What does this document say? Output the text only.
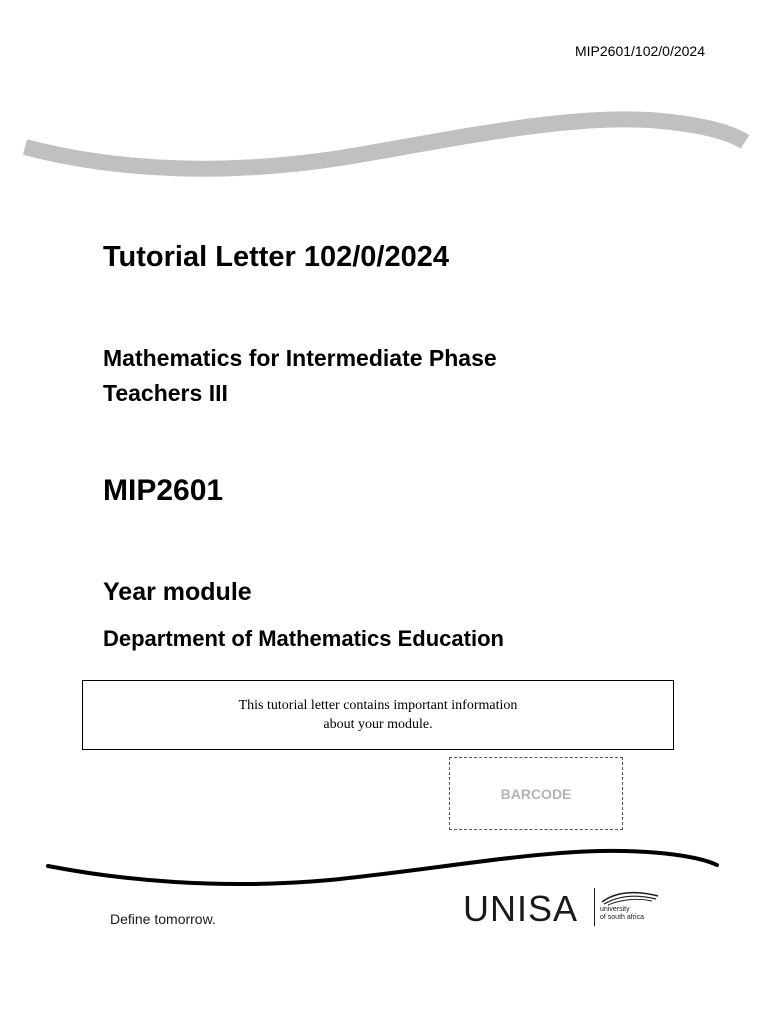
MIP2601/102/0/2024
Tutorial Letter 102/0/2024
Mathematics for Intermediate Phase
Teachers III
MIP2601
Year module
Department of Mathematics Education
This tutorial letter contains important information
about your module.
BARCODE
Define tomorrow.	UNISA	university
of south africa
